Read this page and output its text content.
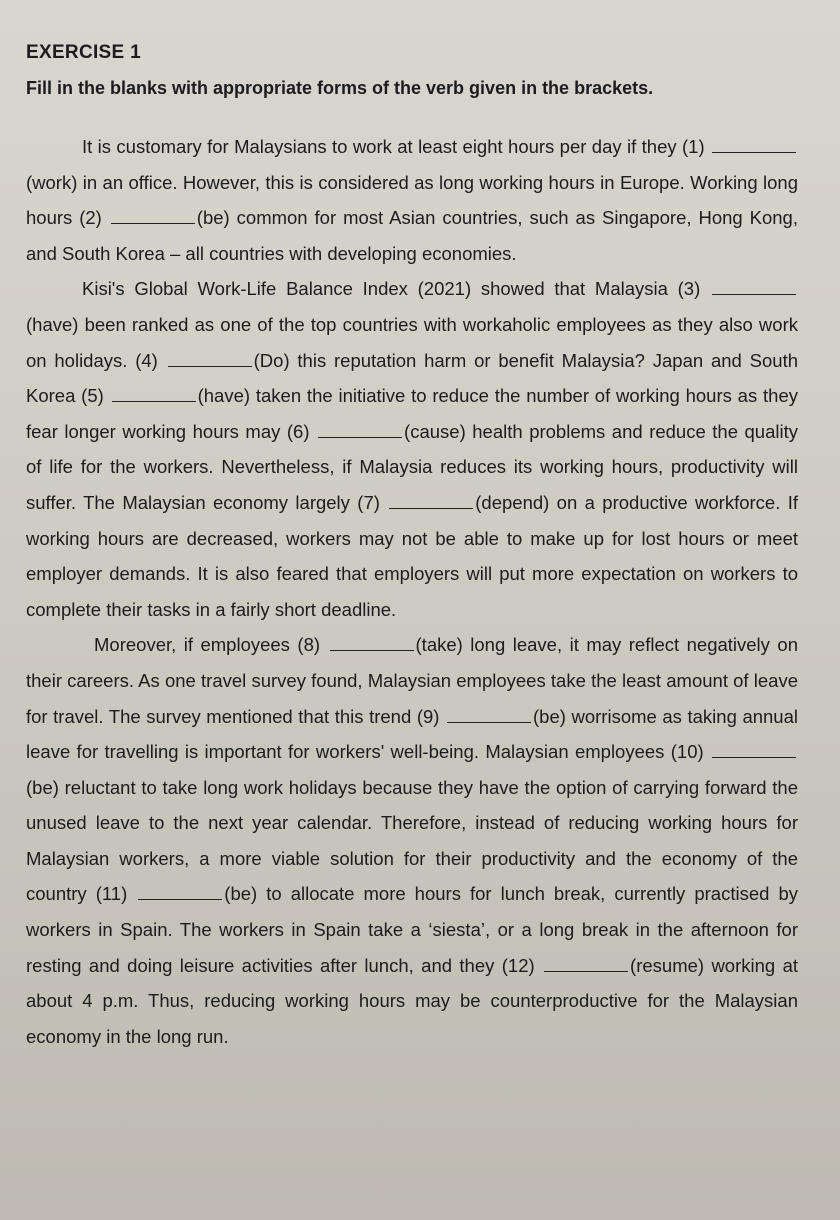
EXERCISE 1
Fill in the blanks with appropriate forms of the verb given in the brackets.

It is customary for Malaysians to work at least eight hours per day if they (1) (work) in an office. However, this is considered as long working hours in Europe. Working long hours (2)	(be) common for most Asian countries, such as Singapore, Hong Kong, and South Korea – all countries with developing economies.

Kisi's Global Work-Life Balance Index (2021) showed that Malaysia (3) (have) been ranked as one of the top countries with workaholic employees as they also work on holidays. (4)	(Do) this reputation harm or benefit Malaysia? Japan and South Korea (5)	(have) taken the initiative to reduce the number of working hours as they fear longer working hours may (6)	(cause) health problems and reduce the quality of life for the workers. Nevertheless, if Malaysia reduces its working hours, productivity will suffer. The Malaysian economy largely (7)	(depend) on a productive workforce. If working hours are decreased, workers may not be able to make up for lost hours or meet employer demands. It is also feared that employers will put more expectation on workers to complete their tasks in a fairly short deadline.

Moreover, if employees (8)	(take) long leave, it may reflect negatively on their careers. As one travel survey found, Malaysian employees take the least amount of leave for travel. The survey mentioned that this trend (9)	(be) worrisome as taking annual leave for travelling is important for workers' well-being. Malaysian employees (10) (be) reluctant to take long work holidays because they have the option of carrying forward the unused leave to the next year calendar. Therefore, instead of reducing working hours for Malaysian workers, a more viable solution for their productivity and the economy of the country (11)	(be) to allocate more hours for lunch break, currently practised by workers in Spain. The workers in Spain take a ‘siesta’, or a long break in the afternoon for resting and doing leisure activities after lunch, and they (12)	(resume) working at about 4 p.m. Thus, reducing working hours may be counterproductive for the Malaysian economy in the long run.
